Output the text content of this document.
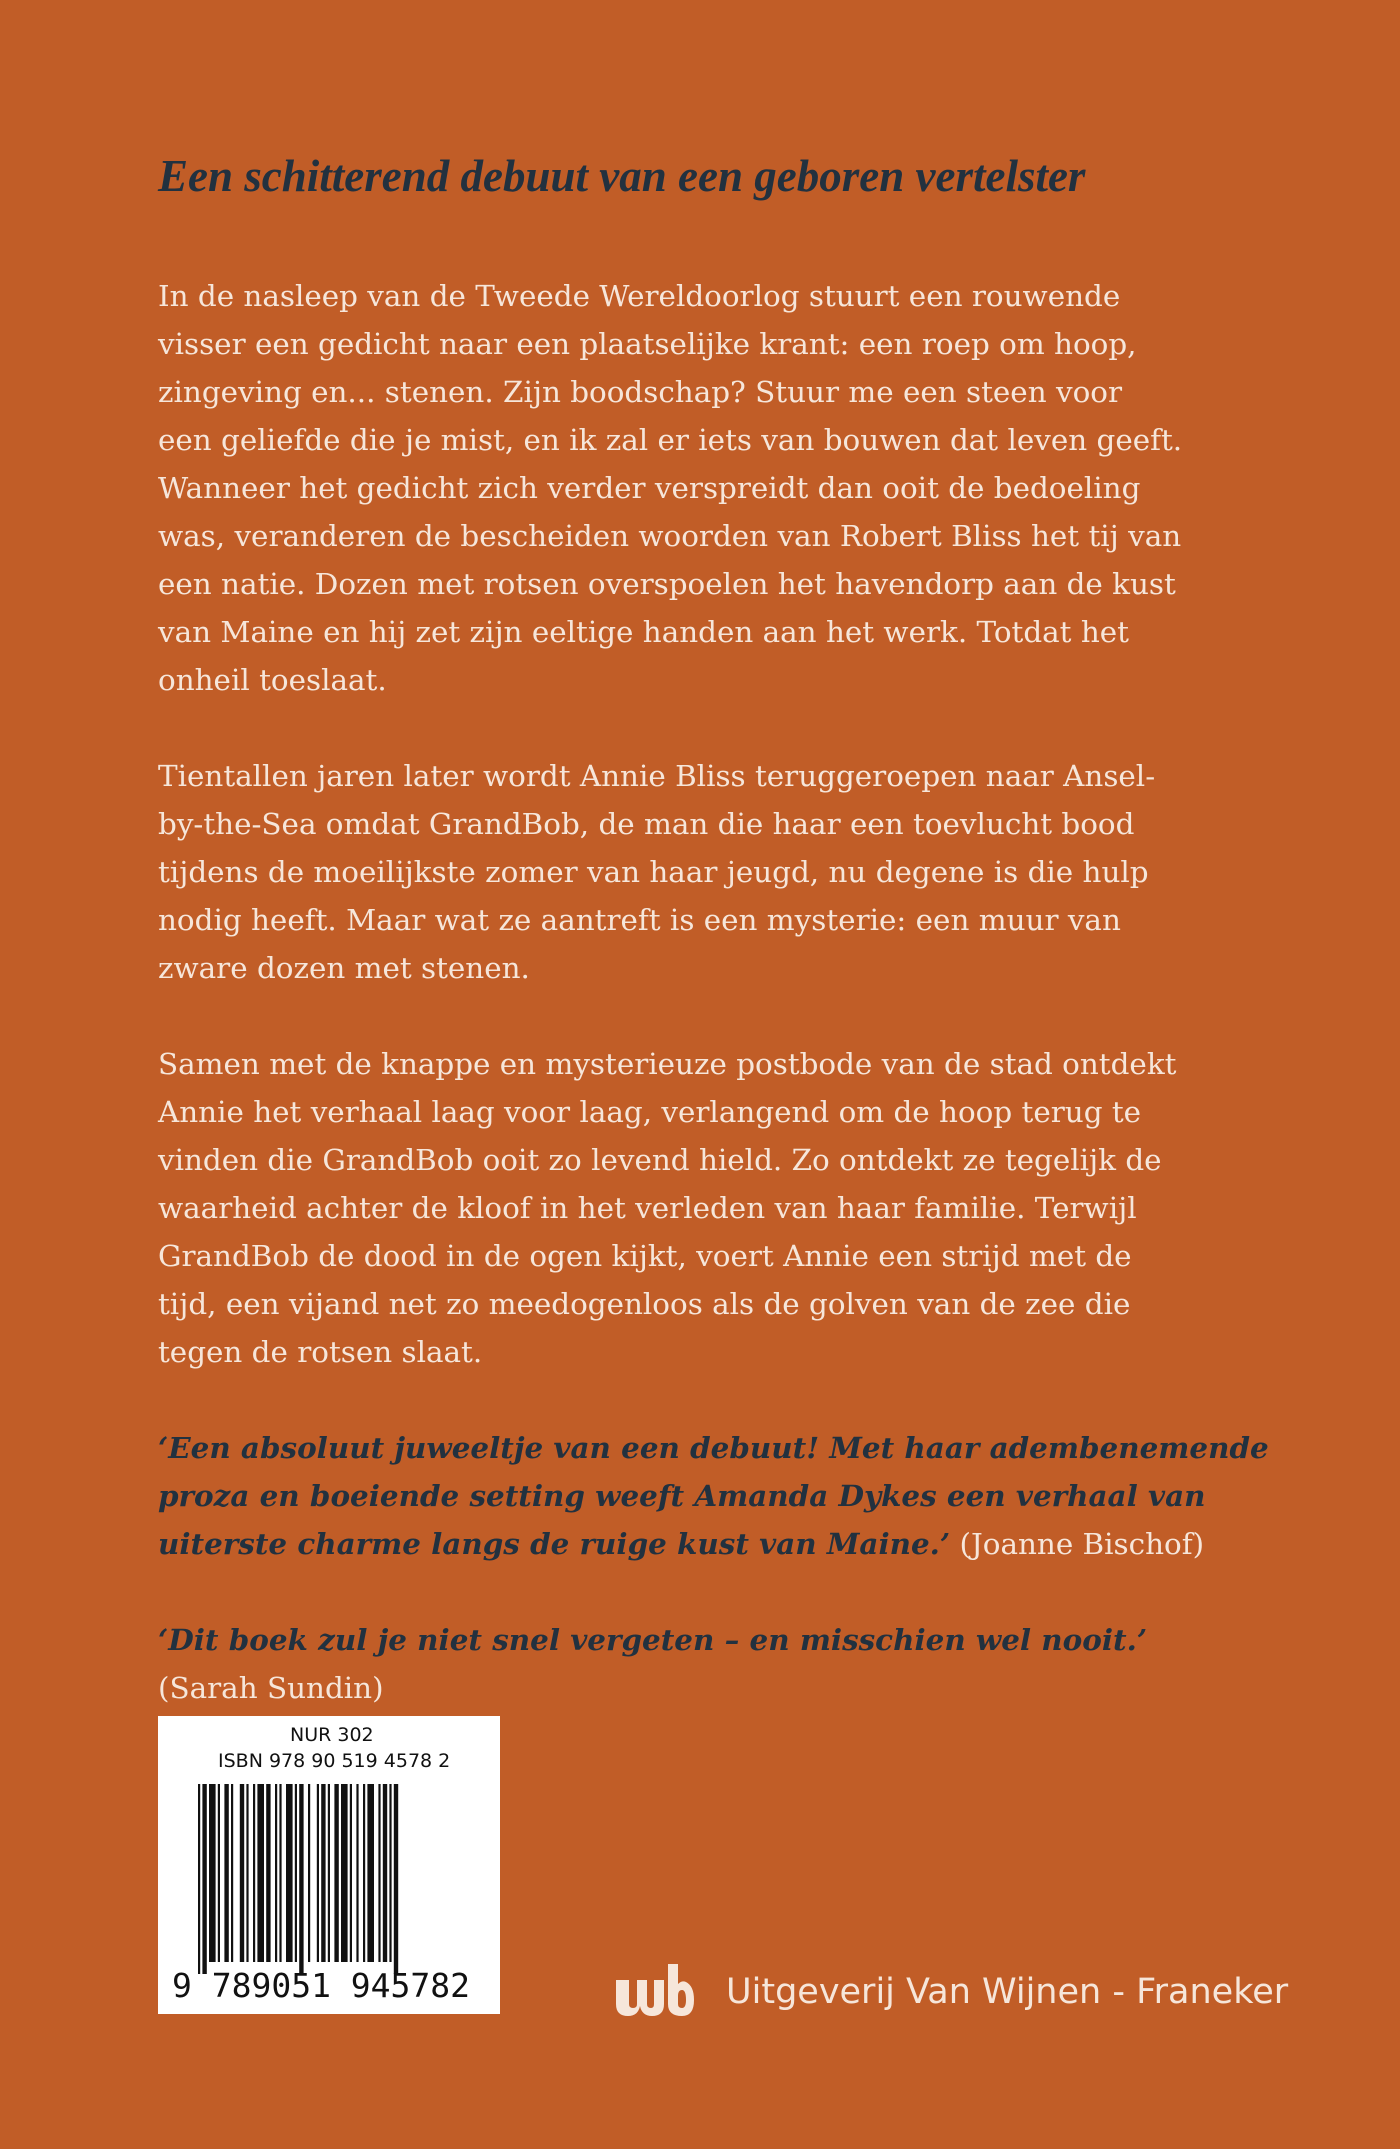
Een schitterend debuut van een geboren vertelster

In de nasleep van de Tweede Wereldoorlog stuurt een rouwende
visser een gedicht naar een plaatselijke krant: een roep om hoop,
zingeving en... stenen. Zijn boodschap? Stuur me een steen voor
een geliefde die je mist, en ik zal er iets van bouwen dat leven geeft.
Wanneer het gedicht zich verder verspreidt dan ooit de bedoeling
was, veranderen de bescheiden woorden van Robert Bliss het tij van
een natie. Dozen met rotsen overspoelen het havendorp aan de kust
van Maine en hij zet zijn eeltige handen aan het werk. Totdat het
onheil toeslaat.

Tientallen jaren later wordt Annie Bliss teruggeroepen naar Ansel-
by-the-Sea omdat GrandBob, de man die haar een toevlucht bood
tijdens de moeilijkste zomer van haar jeugd, nu degene is die hulp
nodig heeft. Maar wat ze aantreft is een mysterie: een muur van
zware dozen met stenen.

Samen met de knappe en mysterieuze postbode van de stad ontdekt
Annie het verhaal laag voor laag, verlangend om de hoop terug te
vinden die GrandBob ooit zo levend hield. Zo ontdekt ze tegelijk de
waarheid achter de kloof in het verleden van haar familie. Terwijl
GrandBob de dood in de ogen kijkt, voert Annie een strijd met de
tijd, een vijand net zo meedogenloos als de golven van de zee die
tegen de rotsen slaat.

‘Een absoluut juweeltje van een debuut! Met haar adembenemende
proza en boeiende setting weeft Amanda Dykes een verhaal van
uiterste charme langs de ruige kust van Maine.’ (Joanne Bischof)
‘Dit boek zul je niet snel vergeten – en misschien wel nooit.’
(Sarah Sundin)
NUR 302
ISBN 978 90 519 4578 2
9 789051 945782	Uitgeverij Van Wijnen - Franeker
